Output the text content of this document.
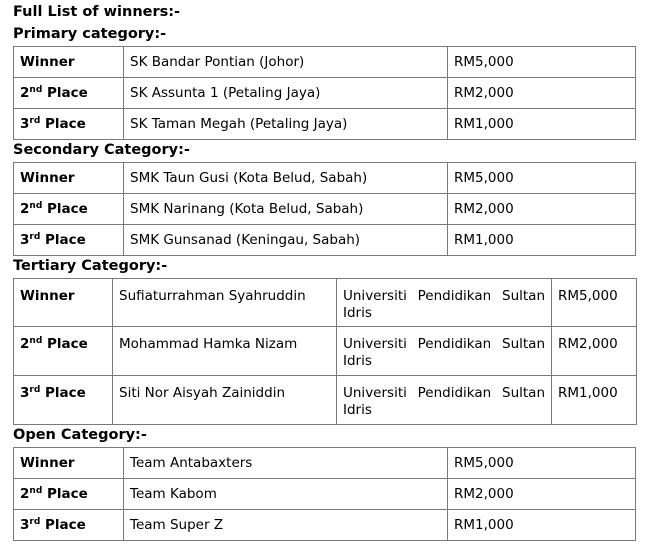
Full List of winners:-
Primary category:-
Winner	SK Bandar Pontian (Johor)	RM5,000
2nd Place	SK Assunta 1 (Petaling Jaya)	RM2,000
3rd Place	SK Taman Megah (Petaling Jaya)	RM1,000
Secondary Category:-
Winner	SMK Taun Gusi (Kota Belud, Sabah)	RM5,000
2nd Place	SMK Narinang (Kota Belud, Sabah)	RM2,000
3rd Place	SMK Gunsanad (Keningau, Sabah)	RM1,000
Tertiary Category:-
Winner	Sufiaturrahman Syahruddin	Universiti Pendidikan Sultan Idris	RM5,000
2nd Place	Mohammad Hamka Nizam	Universiti Pendidikan Sultan Idris	RM2,000
3rd Place	Siti Nor Aisyah Zainiddin	Universiti Pendidikan Sultan Idris	RM1,000
Open Category:-
Winner	Team Antabaxters	RM5,000
2nd Place	Team Kabom	RM2,000
3rd Place	Team Super Z	RM1,000
